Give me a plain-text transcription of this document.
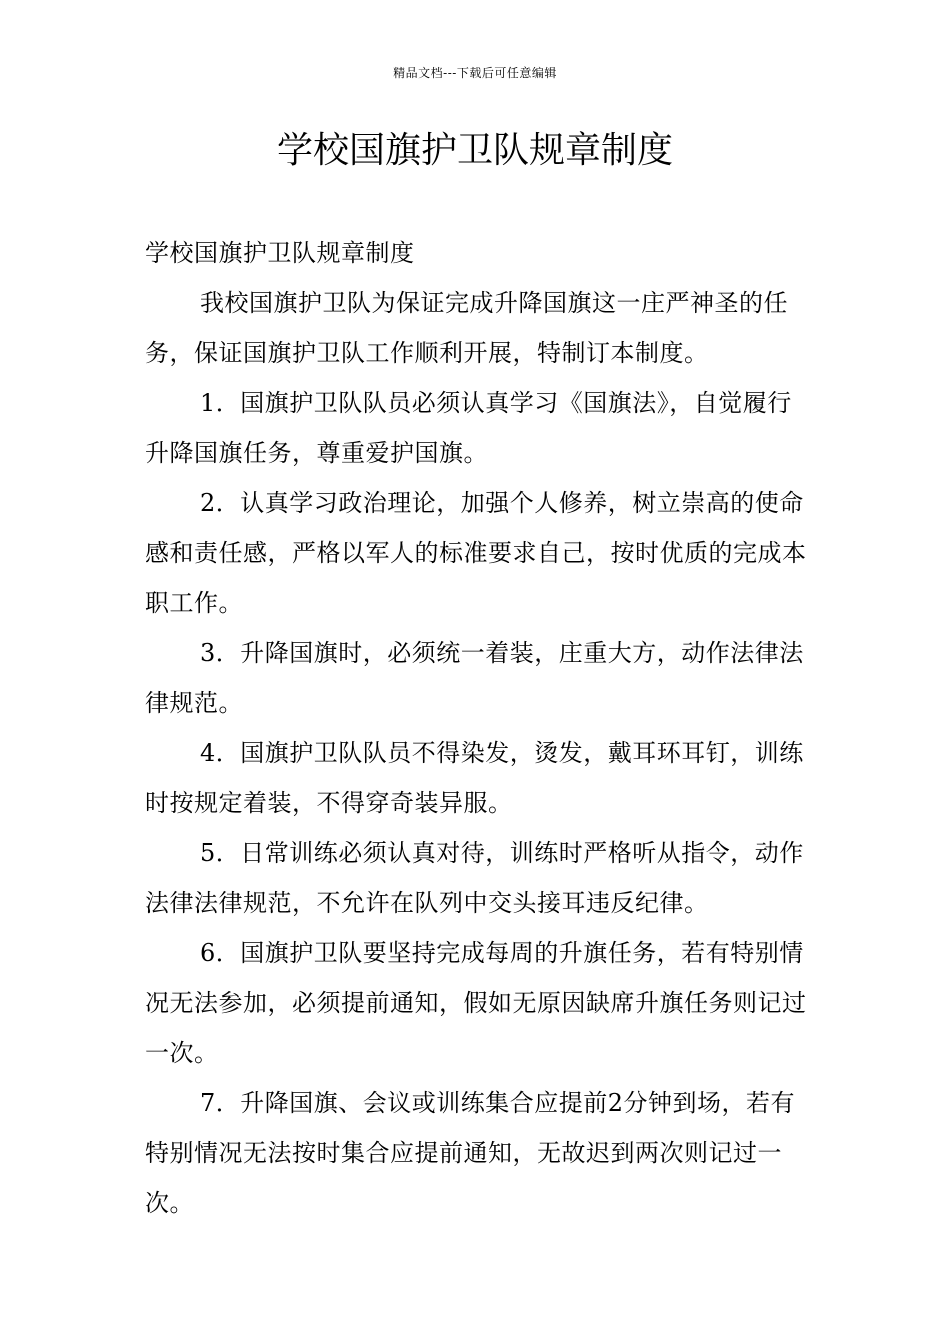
精品文档---下载后可任意编辑
学校国旗护卫队规章制度

学校国旗护卫队规章制度

我校国旗护卫队为保证完成升降国旗这一庄严神圣的任务，保证国旗护卫队工作顺利开展，特制订本制度。

1．国旗护卫队队员必须认真学习《国旗法》，自觉履行升降国旗任务，尊重爱护国旗。

2．认真学习政治理论，加强个人修养，树立崇高的使命感和责任感，严格以军人的标准要求自己，按时优质的完成本职工作。

3．升降国旗时，必须统一着装，庄重大方，动作法律法律规范。

4．国旗护卫队队员不得染发，烫发，戴耳环耳钉，训练时按规定着装，不得穿奇装异服。

5．日常训练必须认真对待，训练时严格听从指令，动作法律法律规范，不允许在队列中交头接耳违反纪律。

6．国旗护卫队要坚持完成每周的升旗任务，若有特别情况无法参加，必须提前通知，假如无原因缺席升旗任务则记过一次。

7．升降国旗、会议或训练集合应提前2分钟到场，若有特别情况无法按时集合应提前通知，无故迟到两次则记过一次。
